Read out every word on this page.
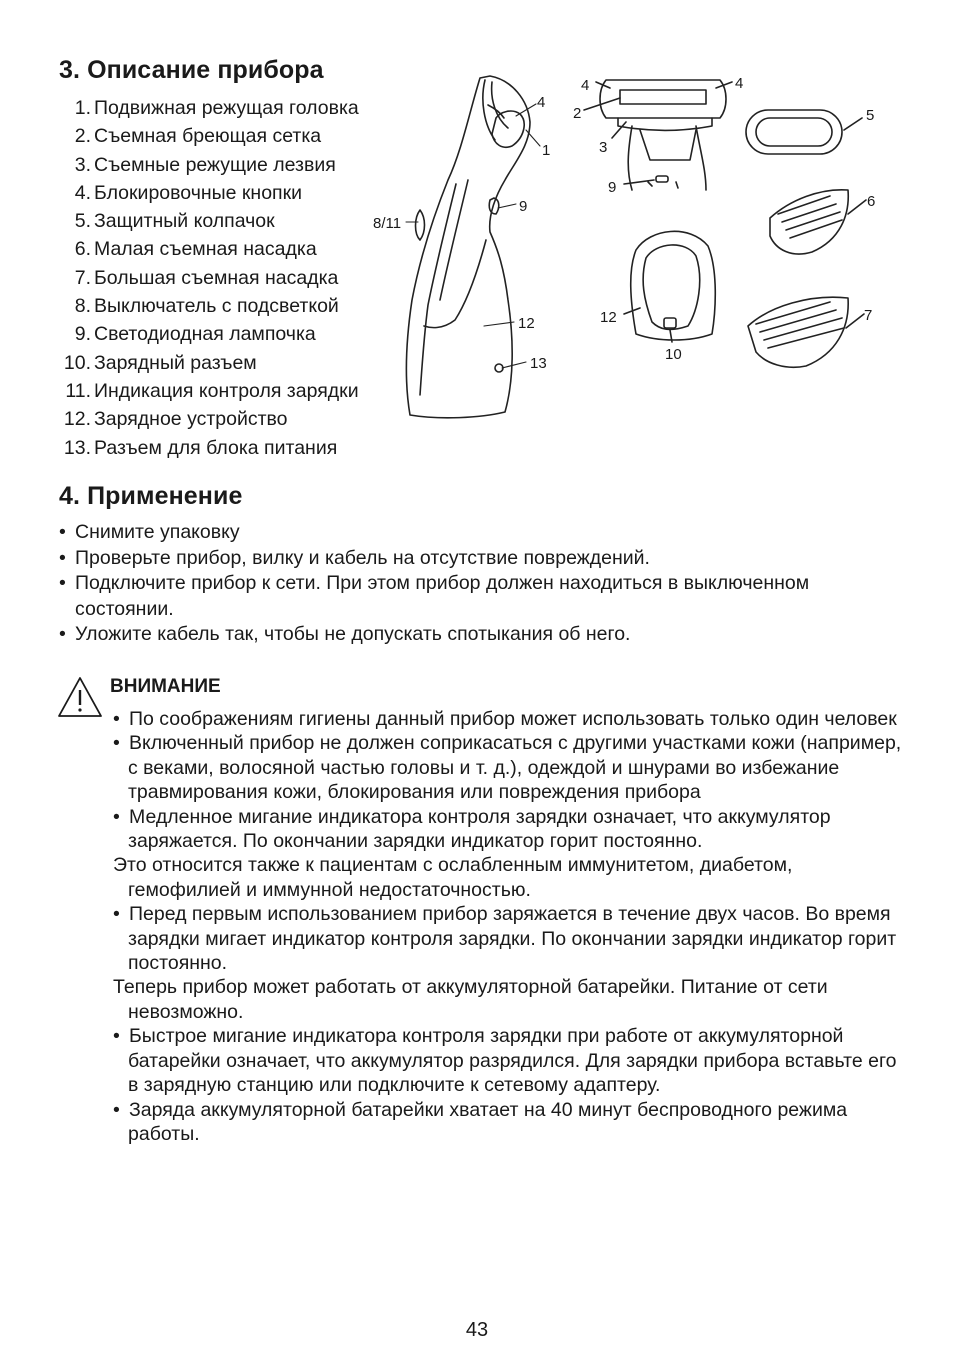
3. Описание прибора
1. Подвижная режущая головка
2. Съемная бреющая сетка
3. Съемные режущие лезвия
4. Блокировочные кнопки
5. Защитный колпачок
6. Малая съемная насадка
7. Большая съемная насадка
8. Выключатель с подсветкой
9. Светодиодная лампочка
10. Зарядный разъем
11. Индикация контроля зарядки
12. Зарядное устройство
13. Разъем для блока питания
4
1
9
8/11
12
13
4	4
2
3
9
5
6
7
12
10
4. Применение
• Снимите упаковку
• Проверьте прибор, вилку и кабель на отсутствие повреждений.
• Подключите прибор к сети. При этом прибор должен находиться в выключенном состоянии.
• Уложите кабель так, чтобы не допускать спотыкания об него.
ВНИМАНИЕ
• По соображениям гигиены данный прибор может использовать только один человек
• Включенный прибор не должен соприкасаться с другими участками кожи (например, с веками, волосяной частью головы и т. д.), одеждой и шнурами во избежание травмирования кожи, блокирования или повреждения прибора
• Медленное мигание индикатора контроля зарядки означает, что аккумулятор заряжается. По окончании зарядки индикатор горит постоянно.
Это относится также к пациентам с ослабленным иммунитетом, диабетом, гемофилией и иммунной недостаточностью.
• Перед первым использованием прибор заряжается в течение двух часов. Во время зарядки мигает индикатор контроля зарядки. По окончании зарядки индикатор горит постоянно.
Теперь прибор может работать от аккумуляторной батарейки. Питание от сети невозможно.
• Быстрое мигание индикатора контроля зарядки при работе от аккумуляторной батарейки означает, что аккумулятор разрядился. Для зарядки прибора вставьте его в зарядную станцию или подключите к сетевому адаптеру.
• Заряда аккумуляторной батарейки хватает на 40 минут беспроводного режима работы.
43
